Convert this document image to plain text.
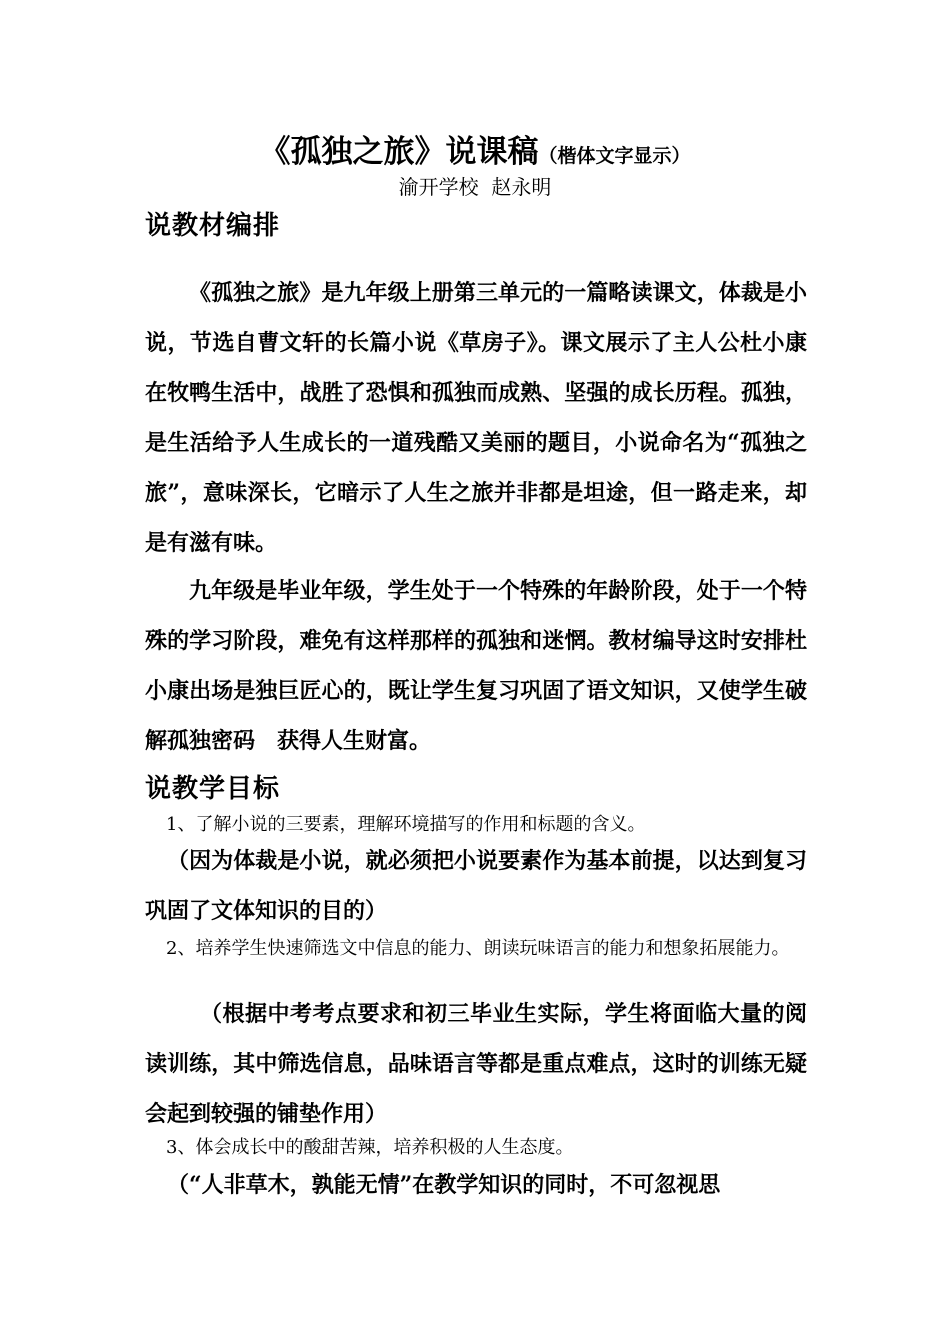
《孤独之旅》说课稿（楷体文字显示）
渝开学校  赵永明
说教材编排

《孤独之旅》是九年级上册第三单元的一篇略读课文，体裁是小说，节选自曹文轩的长篇小说《草房子》。课文展示了主人公杜小康在牧鸭生活中，战胜了恐惧和孤独而成熟、坚强的成长历程。孤独，是生活给予人生成长的一道残酷又美丽的题目，小说命名为“孤独之旅”，意味深长，它暗示了人生之旅并非都是坦途，但一路走来，却是有滋有味。

九年级是毕业年级，学生处于一个特殊的年龄阶段，处于一个特殊的学习阶段，难免有这样那样的孤独和迷惘。教材编导这时安排杜小康出场是独巨匠心的，既让学生复习巩固了语文知识，又使学生破解孤独密码　获得人生财富。

说教学目标

1、了解小说的三要素，理解环境描写的作用和标题的含义。

（因为体裁是小说，就必须把小说要素作为基本前提，以达到复习巩固了文体知识的目的）

2、培养学生快速筛选文中信息的能力、朗读玩味语言的能力和想象拓展能力。

（根据中考考点要求和初三毕业生实际，学生将面临大量的阅读训练，其中筛选信息，品味语言等都是重点难点，这时的训练无疑会起到较强的铺垫作用）

3、体会成长中的酸甜苦辣，培养积极的人生态度。

（“人非草木，孰能无情”在教学知识的同时，不可忽视思
